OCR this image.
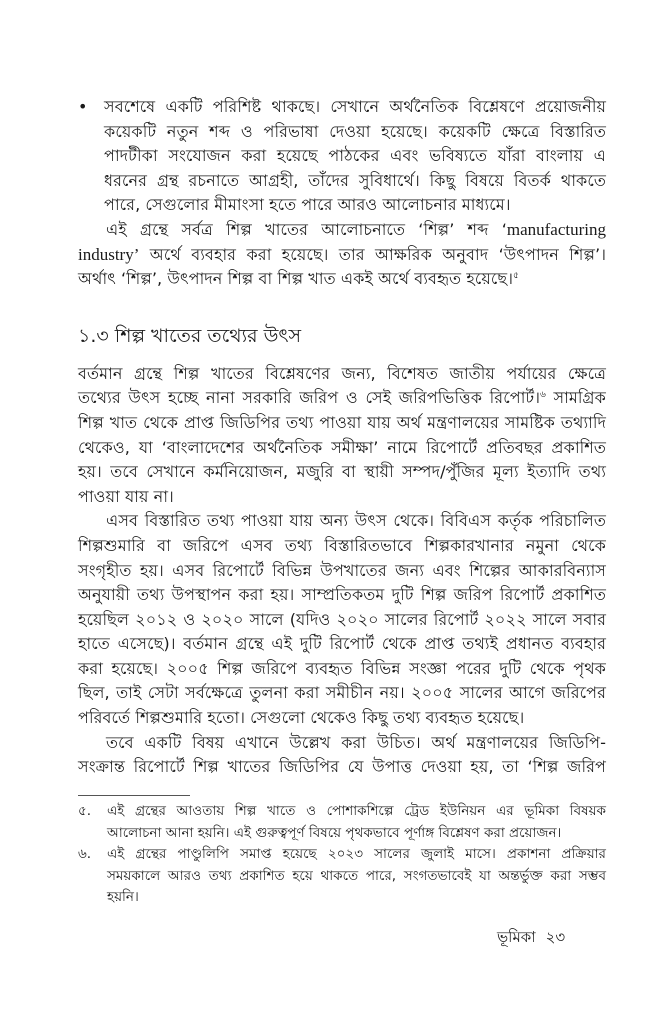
• সবশেষে একটি পরিশিষ্ট থাকছে। সেখানে অর্থনৈতিক বিশ্লেষণে প্রয়োজনীয়
কয়েকটি নতুন শব্দ ও পরিভাষা দেওয়া হয়েছে। কয়েকটি ক্ষেত্রে বিস্তারিত
পাদটীকা সংযোজন করা হয়েছে পাঠকের এবং ভবিষ্যতে যাঁরা বাংলায় এ
ধরনের গ্রন্থ রচনাতে আগ্রহী, তাঁদের সুবিধার্থে। কিছু বিষয়ে বিতর্ক থাকতে
পারে, সেগুলোর মীমাংসা হতে পারে আরও আলোচনার মাধ্যমে।
এই গ্রন্থে সর্বত্র শিল্প খাতের আলোচনাতে ‘শিল্প’ শব্দ ‘manufacturing
industry’ অর্থে ব্যবহার করা হয়েছে। তার আক্ষরিক অনুবাদ ‘উৎপাদন শিল্প’।
অর্থাৎ ‘শিল্প’, উৎপাদন শিল্প বা শিল্প খাত একই অর্থে ব্যবহৃত হয়েছে।$^৫$
১.৩ শিল্প খাতের তথ্যের উৎস
বর্তমান গ্রন্থে শিল্প খাতের বিশ্লেষণের জন্য, বিশেষত জাতীয় পর্যায়ের ক্ষেত্রে
তথ্যের উৎস হচ্ছে নানা সরকারি জরিপ ও সেই জরিপভিত্তিক রিপোর্ট।$^৬$ সামগ্রিক
শিল্প খাত থেকে প্রাপ্ত জিডিপির তথ্য পাওয়া যায় অর্থ মন্ত্রণালয়ের সামষ্টিক তথ্যাদি
থেকেও, যা ‘বাংলাদেশের অর্থনৈতিক সমীক্ষা’ নামে রিপোর্টে প্রতিবছর প্রকাশিত
হয়। তবে সেখানে কর্মনিয়োজন, মজুরি বা স্থায়ী সম্পদ/পুঁজির মূল্য ইত্যাদি তথ্য
পাওয়া যায় না।
এসব বিস্তারিত তথ্য পাওয়া যায় অন্য উৎস থেকে। বিবিএস কর্তৃক পরিচালিত
শিল্পশুমারি বা জরিপে এসব তথ্য বিস্তারিতভাবে শিল্পকারখানার নমুনা থেকে
সংগৃহীত হয়। এসব রিপোর্টে বিভিন্ন উপখাতের জন্য এবং শিল্পের আকারবিন্যাস
অনুযায়ী তথ্য উপস্থাপন করা হয়। সাম্প্রতিকতম দুটি শিল্প জরিপ রিপোর্ট প্রকাশিত
হয়েছিল ২০১২ ও ২০২০ সালে (যদিও ২০২০ সালের রিপোর্ট ২০২২ সালে সবার
হাতে এসেছে)। বর্তমান গ্রন্থে এই দুটি রিপোর্ট থেকে প্রাপ্ত তথ্যই প্রধানত ব্যবহার
করা হয়েছে। ২০০৫ শিল্প জরিপে ব্যবহৃত বিভিন্ন সংজ্ঞা পরের দুটি থেকে পৃথক
ছিল, তাই সেটা সর্বক্ষেত্রে তুলনা করা সমীচীন নয়। ২০০৫ সালের আগে জরিপের
পরিবর্তে শিল্পশুমারি হতো। সেগুলো থেকেও কিছু তথ্য ব্যবহৃত হয়েছে।
তবে একটি বিষয় এখানে উল্লেখ করা উচিত। অর্থ মন্ত্রণালয়ের জিডিপি-
সংক্রান্ত রিপোর্টে শিল্প খাতের জিডিপির যে উপাত্ত দেওয়া হয়, তা ‘শিল্প জরিপ
৫. এই গ্রন্থের আওতায় শিল্প খাতে ও পোশাকশিল্পে ট্রেড ইউনিয়ন এর ভূমিকা বিষয়ক
আলোচনা আনা হয়নি। এই গুরুত্বপূর্ণ বিষয়ে পৃথকভাবে পূর্ণাঙ্গ বিশ্লেষণ করা প্রয়োজন।
৬. এই গ্রন্থের পাণ্ডুলিপি সমাপ্ত হয়েছে ২০২৩ সালের জুলাই মাসে। প্রকাশনা প্রক্রিয়ার
সময়কালে আরও তথ্য প্রকাশিত হয়ে থাকতে পারে, সংগতভাবেই যা অন্তর্ভুক্ত করা সম্ভব
হয়নি।
ভূমিকা ২৩
